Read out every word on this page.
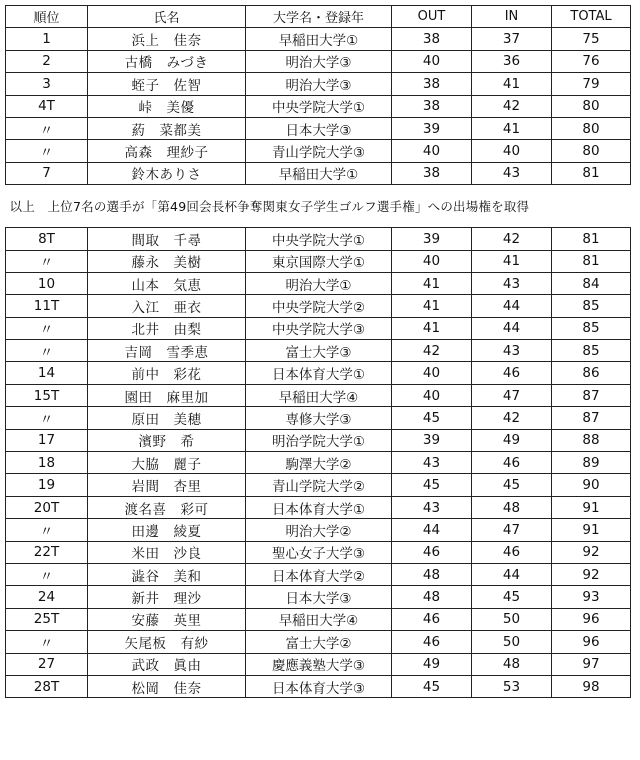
順位	氏名	大学名・登録年	OUT	IN	TOTAL
1	浜上　佳奈	早稲田大学①	38	37	75
2	古橋　みづき	明治大学③	40	36	76
3	蛭子　佐智	明治大学③	38	41	79
4T	峠　美優	中央学院大学①	38	42	80
〃	葯　菜都美	日本大学③	39	41	80
〃	高森　理紗子	青山学院大学③	40	40	80
7	鈴木ありさ	早稲田大学①	38	43	81
以上　上位7名の選手が「第49回会長杯争奪関東女子学生ゴルフ選手権」への出場権を取得					
8T	間取　千尋	中央学院大学①	39	42	81
〃	藤永　美樹	東京国際大学①	40	41	81
10	山本　気恵	明治大学①	41	43	84
11T	入江　亜衣	中央学院大学②	41	44	85
〃	北井　由梨	中央学院大学③	41	44	85
〃	吉岡　雪季恵	富士大学③	42	43	85
14	前中　彩花	日本体育大学①	40	46	86
15T	園田　麻里加	早稲田大学④	40	47	87
〃	原田　美穂	専修大学③	45	42	87
17	濱野　希	明治学院大学①	39	49	88
18	大脇　麗子	駒澤大学②	43	46	89
19	岩間　杏里	青山学院大学②	45	45	90
20T	渡名喜　彩可	日本体育大学①	43	48	91
〃	田邊　綾夏	明治大学②	44	47	91
22T	米田　沙良	聖心女子大学③	46	46	92
〃	澁谷　美和	日本体育大学②	48	44	92
24	新井　理沙	日本大学③	48	45	93
25T	安藤　英里	早稲田大学④	46	50	96
〃	矢尾板　有紗	富士大学②	46	50	96
27	武政　眞由	慶應義塾大学③	49	48	97
28T	松岡　佳奈	日本体育大学③	45	53	98
